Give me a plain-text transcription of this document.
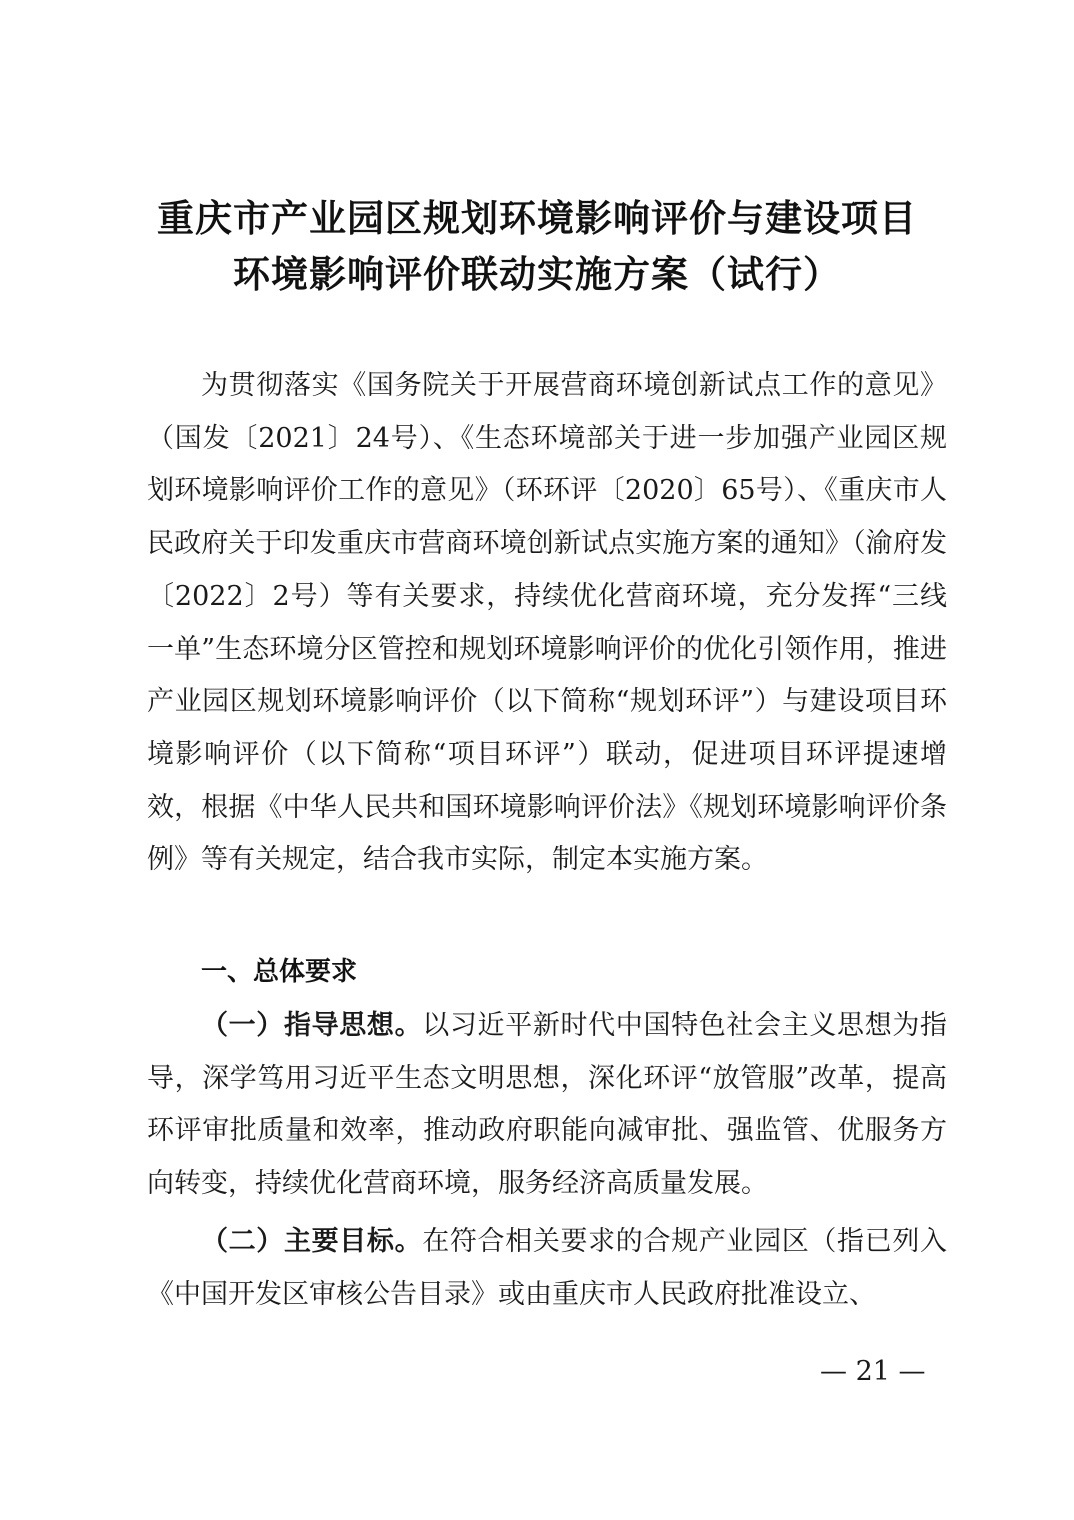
重庆市产业园区规划环境影响评价与建设项目
环境影响评价联动实施方案（试行）

为贯彻落实《国务院关于开展营商环境创新试点工作的意见》（国发〔2021〕24号）、《生态环境部关于进一步加强产业园区规划环境影响评价工作的意见》（环环评〔2020〕65号）、《重庆市人民政府关于印发重庆市营商环境创新试点实施方案的通知》（渝府发〔2022〕2号）等有关要求，持续优化营商环境，充分发挥“三线一单”生态环境分区管控和规划环境影响评价的优化引领作用，推进产业园区规划环境影响评价（以下简称“规划环评”）与建设项目环境影响评价（以下简称“项目环评”）联动，促进项目环评提速增效，根据《中华人民共和国环境影响评价法》《规划环境影响评价条例》等有关规定，结合我市实际，制定本实施方案。

一、总体要求

（一）指导思想。以习近平新时代中国特色社会主义思想为指导，深学笃用习近平生态文明思想，深化环评“放管服”改革，提高环评审批质量和效率，推动政府职能向减审批、强监管、优服务方向转变，持续优化营商环境，服务经济高质量发展。

（二）主要目标。在符合相关要求的合规产业园区（指已列入《中国开发区审核公告目录》或由重庆市人民政府批准设立、

— 21 —
